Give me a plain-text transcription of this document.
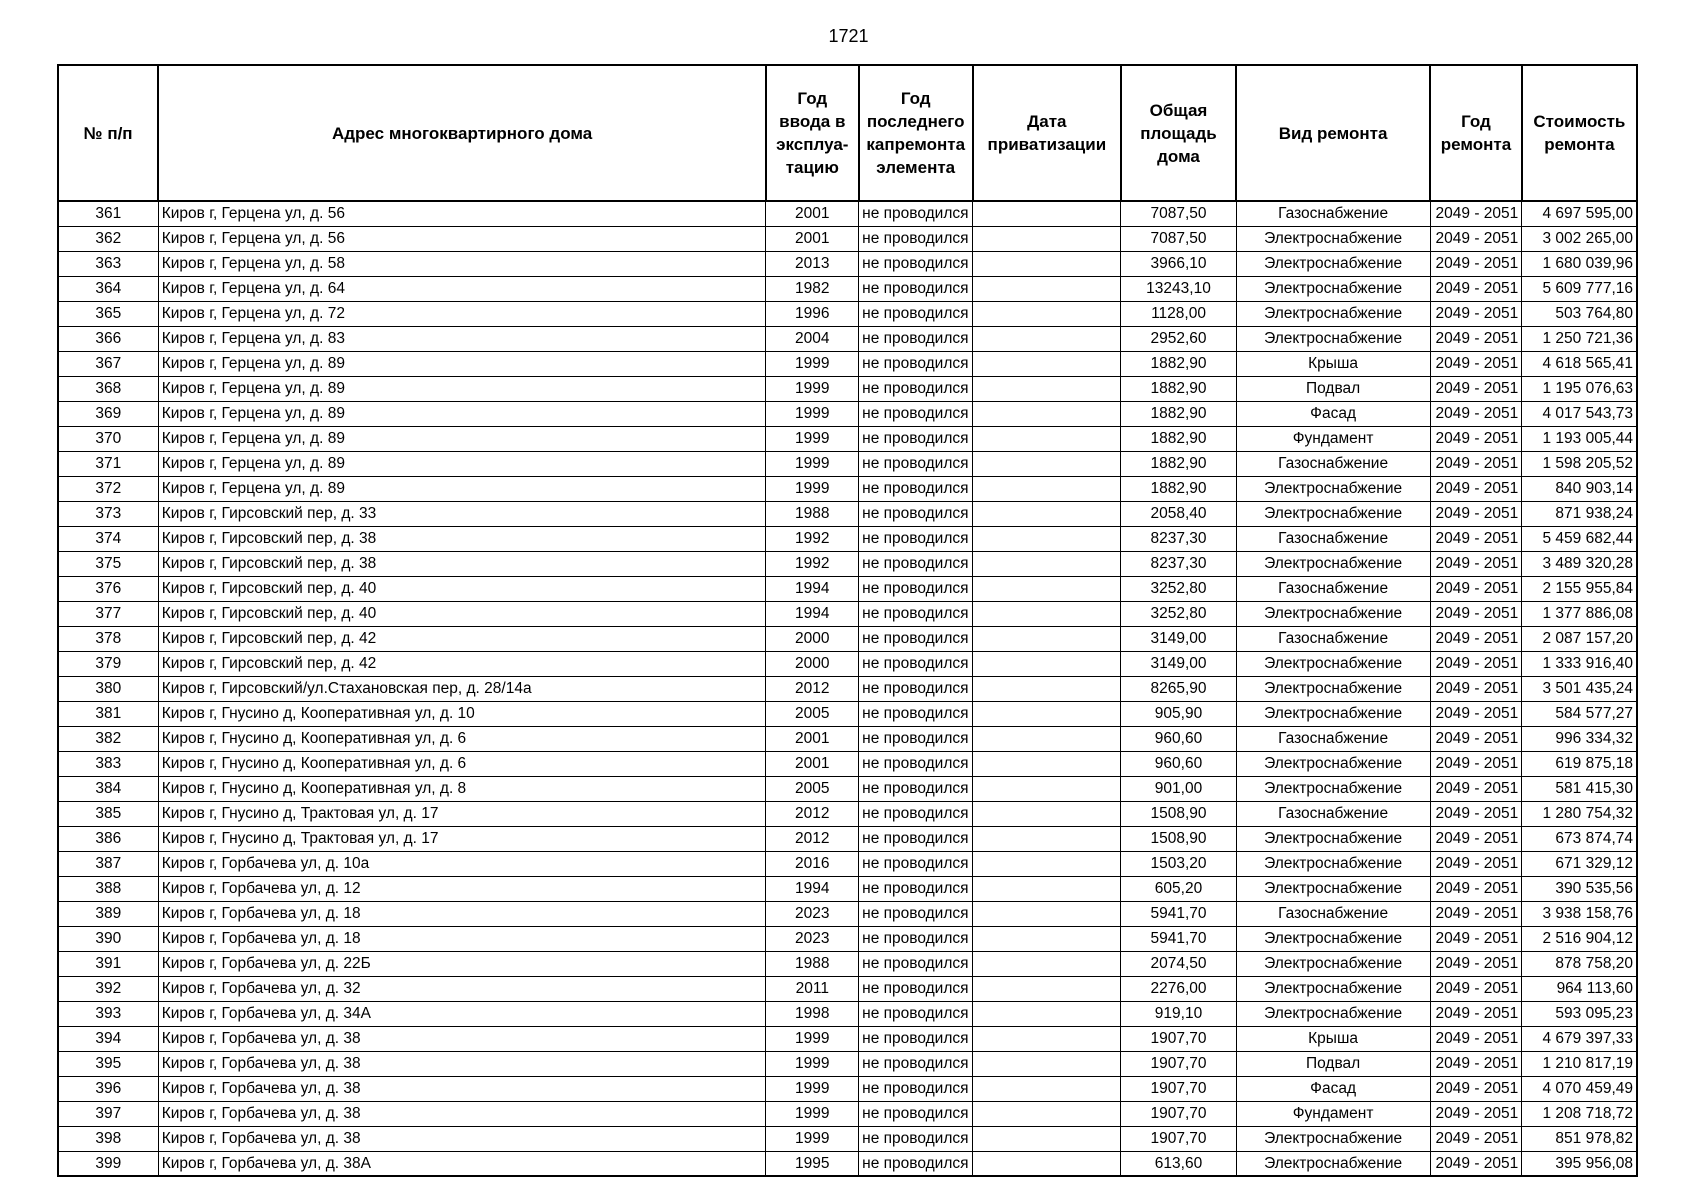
1721
№ п/п	Адрес многоквартирного дома	Год ввода в эксплуа-тацию	Год последнего капремонта элемента	Дата приватизации	Общая площадь дома	Вид ремонта	Год ремонта	Стоимость ремонта
361	Киров г, Герцена ул, д. 56	2001	не проводился		7087,50	Газоснабжение	2049 - 2051	4 697 595,00
362	Киров г, Герцена ул, д. 56	2001	не проводился		7087,50	Электроснабжение	2049 - 2051	3 002 265,00
363	Киров г, Герцена ул, д. 58	2013	не проводился		3966,10	Электроснабжение	2049 - 2051	1 680 039,96
364	Киров г, Герцена ул, д. 64	1982	не проводился		13243,10	Электроснабжение	2049 - 2051	5 609 777,16
365	Киров г, Герцена ул, д. 72	1996	не проводился		1128,00	Электроснабжение	2049 - 2051	503 764,80
366	Киров г, Герцена ул, д. 83	2004	не проводился		2952,60	Электроснабжение	2049 - 2051	1 250 721,36
367	Киров г, Герцена ул, д. 89	1999	не проводился		1882,90	Крыша	2049 - 2051	4 618 565,41
368	Киров г, Герцена ул, д. 89	1999	не проводился		1882,90	Подвал	2049 - 2051	1 195 076,63
369	Киров г, Герцена ул, д. 89	1999	не проводился		1882,90	Фасад	2049 - 2051	4 017 543,73
370	Киров г, Герцена ул, д. 89	1999	не проводился		1882,90	Фундамент	2049 - 2051	1 193 005,44
371	Киров г, Герцена ул, д. 89	1999	не проводился		1882,90	Газоснабжение	2049 - 2051	1 598 205,52
372	Киров г, Герцена ул, д. 89	1999	не проводился		1882,90	Электроснабжение	2049 - 2051	840 903,14
373	Киров г, Гирсовский пер, д. 33	1988	не проводился		2058,40	Электроснабжение	2049 - 2051	871 938,24
374	Киров г, Гирсовский пер, д. 38	1992	не проводился		8237,30	Газоснабжение	2049 - 2051	5 459 682,44
375	Киров г, Гирсовский пер, д. 38	1992	не проводился		8237,30	Электроснабжение	2049 - 2051	3 489 320,28
376	Киров г, Гирсовский пер, д. 40	1994	не проводился		3252,80	Газоснабжение	2049 - 2051	2 155 955,84
377	Киров г, Гирсовский пер, д. 40	1994	не проводился		3252,80	Электроснабжение	2049 - 2051	1 377 886,08
378	Киров г, Гирсовский пер, д. 42	2000	не проводился		3149,00	Газоснабжение	2049 - 2051	2 087 157,20
379	Киров г, Гирсовский пер, д. 42	2000	не проводился		3149,00	Электроснабжение	2049 - 2051	1 333 916,40
380	Киров г, Гирсовский/ул.Стахановская пер, д. 28/14а	2012	не проводился		8265,90	Электроснабжение	2049 - 2051	3 501 435,24
381	Киров г, Гнусино д, Кооперативная ул, д. 10	2005	не проводился		905,90	Электроснабжение	2049 - 2051	584 577,27
382	Киров г, Гнусино д, Кооперативная ул, д. 6	2001	не проводился		960,60	Газоснабжение	2049 - 2051	996 334,32
383	Киров г, Гнусино д, Кооперативная ул, д. 6	2001	не проводился		960,60	Электроснабжение	2049 - 2051	619 875,18
384	Киров г, Гнусино д, Кооперативная ул, д. 8	2005	не проводился		901,00	Электроснабжение	2049 - 2051	581 415,30
385	Киров г, Гнусино д, Трактовая ул, д. 17	2012	не проводился		1508,90	Газоснабжение	2049 - 2051	1 280 754,32
386	Киров г, Гнусино д, Трактовая ул, д. 17	2012	не проводился		1508,90	Электроснабжение	2049 - 2051	673 874,74
387	Киров г, Горбачева ул, д. 10а	2016	не проводился		1503,20	Электроснабжение	2049 - 2051	671 329,12
388	Киров г, Горбачева ул, д. 12	1994	не проводился		605,20	Электроснабжение	2049 - 2051	390 535,56
389	Киров г, Горбачева ул, д. 18	2023	не проводился		5941,70	Газоснабжение	2049 - 2051	3 938 158,76
390	Киров г, Горбачева ул, д. 18	2023	не проводился		5941,70	Электроснабжение	2049 - 2051	2 516 904,12
391	Киров г, Горбачева ул, д. 22Б	1988	не проводился		2074,50	Электроснабжение	2049 - 2051	878 758,20
392	Киров г, Горбачева ул, д. 32	2011	не проводился		2276,00	Электроснабжение	2049 - 2051	964 113,60
393	Киров г, Горбачева ул, д. 34А	1998	не проводился		919,10	Электроснабжение	2049 - 2051	593 095,23
394	Киров г, Горбачева ул, д. 38	1999	не проводился		1907,70	Крыша	2049 - 2051	4 679 397,33
395	Киров г, Горбачева ул, д. 38	1999	не проводился		1907,70	Подвал	2049 - 2051	1 210 817,19
396	Киров г, Горбачева ул, д. 38	1999	не проводился		1907,70	Фасад	2049 - 2051	4 070 459,49
397	Киров г, Горбачева ул, д. 38	1999	не проводился		1907,70	Фундамент	2049 - 2051	1 208 718,72
398	Киров г, Горбачева ул, д. 38	1999	не проводился		1907,70	Электроснабжение	2049 - 2051	851 978,82
399	Киров г, Горбачева ул, д. 38А	1995	не проводился		613,60	Электроснабжение	2049 - 2051	395 956,08
